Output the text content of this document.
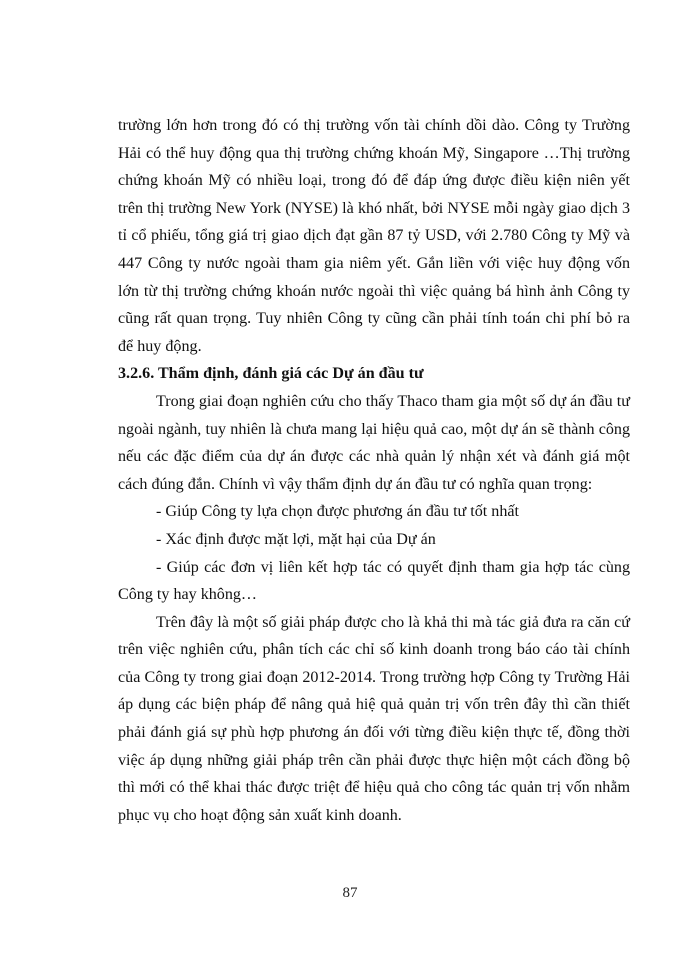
trường lớn hơn trong đó có thị trường vốn tài chính dồi dào. Công ty Trường Hải có thể huy động qua thị trường chứng khoán Mỹ, Singapore …Thị trường chứng khoán Mỹ có nhiều loại, trong đó để đáp ứng được điều kiện niên yết trên thị trường New York (NYSE) là khó nhất, bởi NYSE mỗi ngày giao dịch 3 tỉ cổ phiếu, tổng giá trị giao dịch đạt gần 87 tỷ USD, với 2.780 Công ty Mỹ và 447 Công ty nước ngoài tham gia niêm yết. Gắn liền với việc huy động vốn lớn từ thị trường chứng khoán nước ngoài thì việc quảng bá hình ảnh Công ty cũng rất quan trọng. Tuy nhiên Công ty cũng cần phải tính toán chi phí bỏ ra để huy động.

3.2.6. Thẩm định, đánh giá các Dự án đầu tư

Trong giai đoạn nghiên cứu cho thấy Thaco tham gia một số dự án đầu tư ngoài ngành, tuy nhiên là chưa mang lại hiệu quả cao, một dự án sẽ thành công nếu các đặc điểm của dự án được các nhà quản lý nhận xét và đánh giá một cách đúng đắn. Chính vì vậy thẩm định dự án đầu tư có nghĩa quan trọng:

- Giúp Công ty lựa chọn được phương án đầu tư tốt nhất

- Xác định được mặt lợi, mặt hại của Dự án

- Giúp các đơn vị liên kết hợp tác có quyết định tham gia hợp tác cùng Công ty hay không…

Trên đây là một số giải pháp được cho là khả thi mà tác giả đưa ra căn cứ trên việc nghiên cứu, phân tích các chỉ số kinh doanh trong báo cáo tài chính của Công ty trong giai đoạn 2012-2014. Trong trường hợp Công ty Trường Hải áp dụng các biện pháp để nâng quả hiệ quả quản trị vốn trên đây thì cần thiết phải đánh giá sự phù hợp phương án đối với từng điều kiện thực tế, đồng thời việc áp dụng những giải pháp trên cần phải được thực hiện một cách đồng bộ thì mới có thể khai thác được triệt để hiệu quả cho công tác quản trị vốn nhằm phục vụ cho hoạt động sản xuất kinh doanh.

87
